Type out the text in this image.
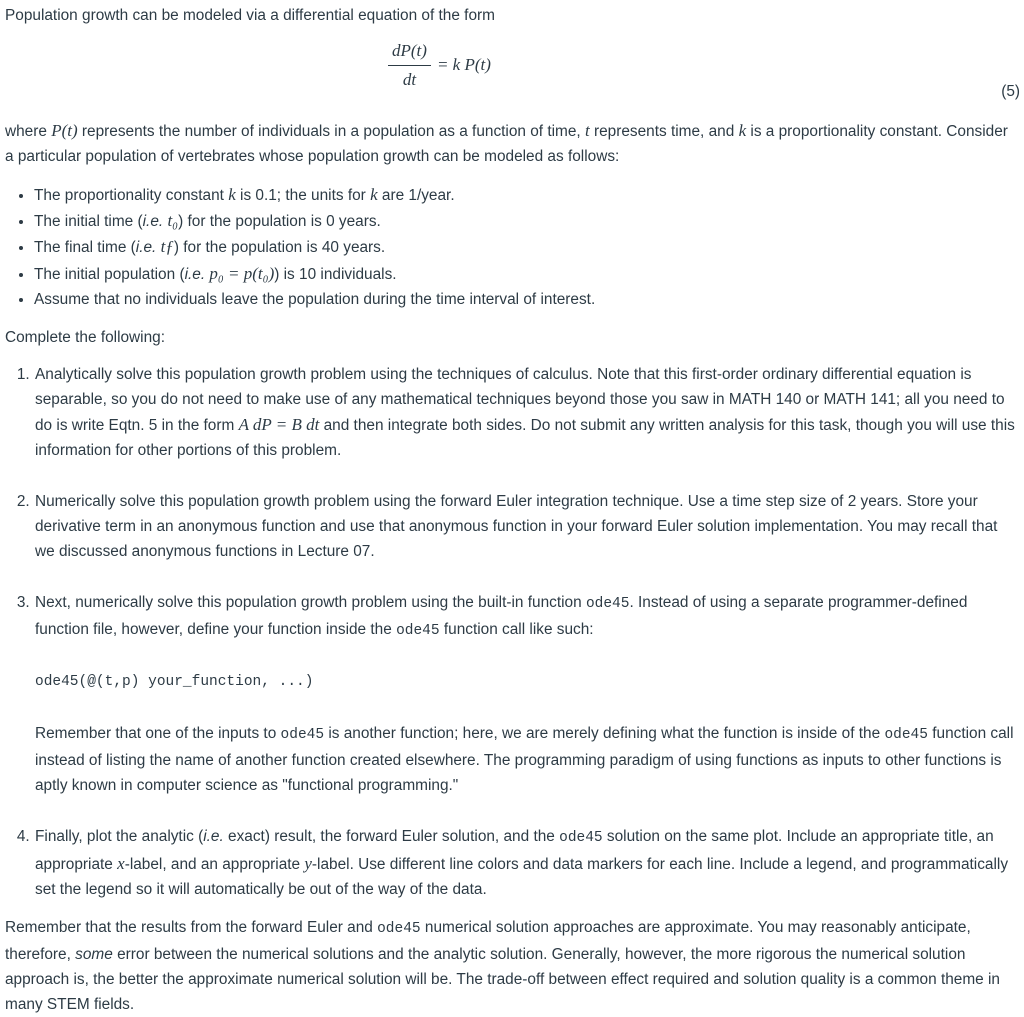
Population growth can be modeled via a differential equation of the form

$\frac{dP(t)}{dt} = k$ P(t)
(5)

where P(t) represents the number of individuals in a population as a function of time, t represents time, and k is a proportionality constant. Consider a particular population of vertebrates whose population growth can be modeled as follows:

• The proportionality constant k is 0.1; the units for k are 1/year.
• The initial time (i.e. t₀) for the population is 0 years.
• The final time (i.e. tƒ) for the population is 40 years.
• The initial population (i.e. p₀ = p(t₀)) is 10 individuals.
• Assume that no individuals leave the population during the time interval of interest.

Complete the following:

1. Analytically solve this population growth problem using the techniques of calculus. Note that this first-order ordinary differential equation is separable, so you do not need to make use of any mathematical techniques beyond those you saw in MATH 140 or MATH 141; all you need to do is write Eqtn. 5 in the form A dP = B dt and then integrate both sides. Do not submit any written analysis for this task, though you will use this information for other portions of this problem.
2. Numerically solve this population growth problem using the forward Euler integration technique. Use a time step size of 2 years. Store your derivative term in an anonymous function and use that anonymous function in your forward Euler solution implementation. You may recall that we discussed anonymous functions in Lecture 07.
3. Next, numerically solve this population growth problem using the built-in function ode45. Instead of using a separate programmer-defined function file, however, define your function inside the ode45 function call like such:
ode45(@(t,p) your_function, ...)
Remember that one of the inputs to ode45 is another function; here, we are merely defining what the function is inside of the ode45 function call instead of listing the name of another function created elsewhere. The programming paradigm of using functions as inputs to other functions is aptly known in computer science as "functional programming."
4. Finally, plot the analytic (i.e. exact) result, the forward Euler solution, and the ode45 solution on the same plot. Include an appropriate title, an appropriate x-label, and an appropriate y-label. Use different line colors and data markers for each line. Include a legend, and programmatically set the legend so it will automatically be out of the way of the data.

Remember that the results from the forward Euler and ode45 numerical solution approaches are approximate. You may reasonably anticipate, therefore, some error between the numerical solutions and the analytic solution. Generally, however, the more rigorous the numerical solution approach is, the better the approximate numerical solution will be. The trade-off between effect required and solution quality is a common theme in many STEM fields.
